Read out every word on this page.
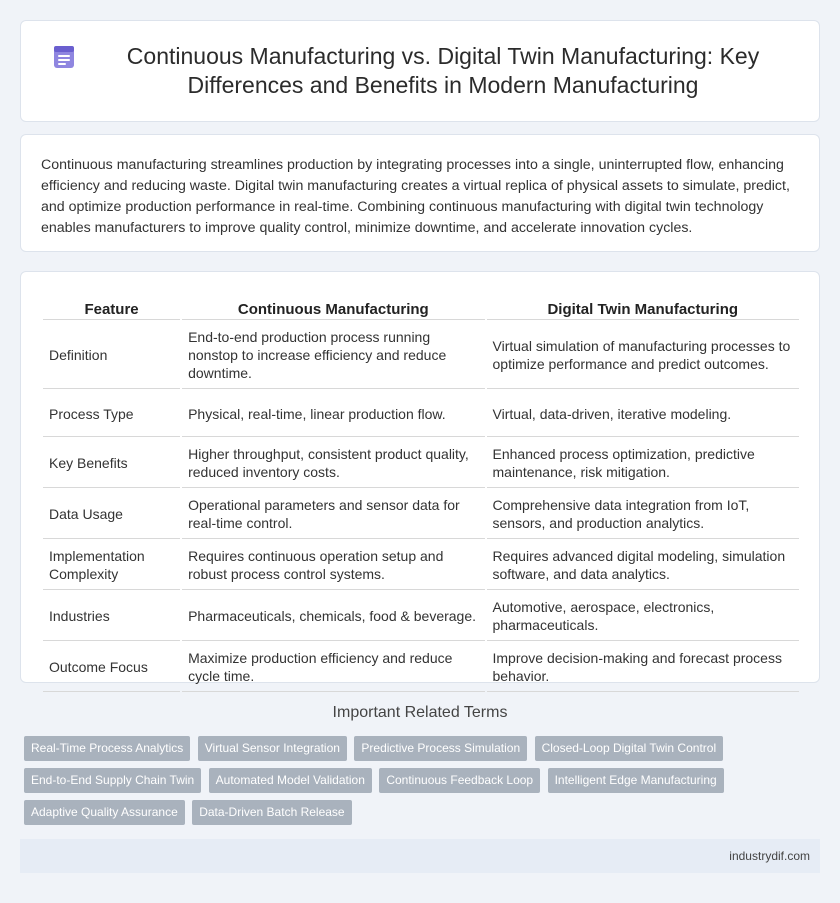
Continuous Manufacturing vs. Digital Twin Manufacturing: Key Differences and Benefits in Modern Manufacturing

Continuous manufacturing streamlines production by integrating processes into a single, uninterrupted flow, enhancing efficiency and reducing waste. Digital twin manufacturing creates a virtual replica of physical assets to simulate, predict, and optimize production performance in real-time. Combining continuous manufacturing with digital twin technology enables manufacturers to improve quality control, minimize downtime, and accelerate innovation cycles.

Feature	Continuous Manufacturing	Digital Twin Manufacturing
Definition	End-to-end production process running nonstop to increase efficiency and reduce downtime.	Virtual simulation of manufacturing processes to optimize performance and predict outcomes.
Process Type	Physical, real-time, linear production flow.	Virtual, data-driven, iterative modeling.
Key Benefits	Higher throughput, consistent product quality, reduced inventory costs.	Enhanced process optimization, predictive maintenance, risk mitigation.
Data Usage	Operational parameters and sensor data for real-time control.	Comprehensive data integration from IoT, sensors, and production analytics.
Implementation Complexity	Requires continuous operation setup and robust process control systems.	Requires advanced digital modeling, simulation software, and data analytics.
Industries	Pharmaceuticals, chemicals, food & beverage.	Automotive, aerospace, electronics, pharmaceuticals.
Outcome Focus	Maximize production efficiency and reduce cycle time.	Improve decision-making and forecast process behavior.
Important Related Terms
Real-Time Process Analytics Virtual Sensor Integration Predictive Process Simulation Closed-Loop Digital Twin Control End-to-End Supply Chain Twin Automated Model Validation Continuous Feedback Loop Intelligent Edge Manufacturing Adaptive Quality Assurance Data-Driven Batch Release
industrydif.com
